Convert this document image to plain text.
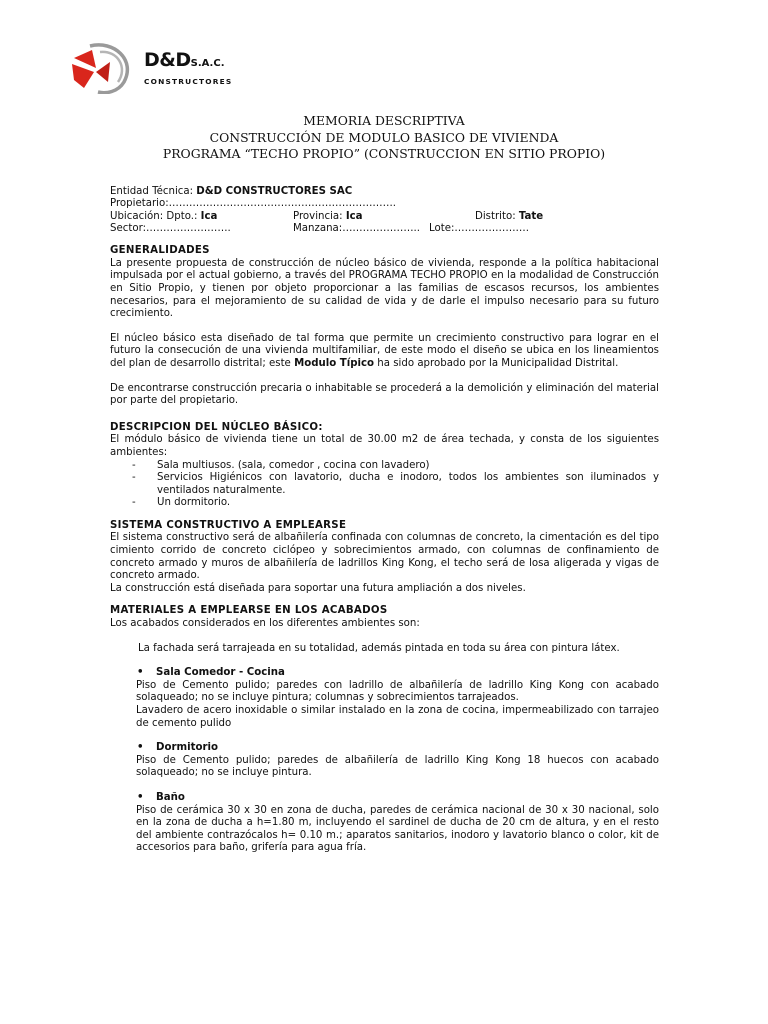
D&DS.A.C.
CONSTRUCTORES
MEMORIA DESCRIPTIVA
CONSTRUCCIÓN DE MODULO BASICO DE VIVIENDA
PROGRAMA “TECHO PROPIO” (CONSTRUCCION EN SITIO PROPIO)
Entidad Técnica: D&D CONSTRUCTORES SAC
Propietario:………………………………………………………….
Ubicación: Dpto.: Ica	Provincia: Ica	Distrito: Tate
Sector:…………………….	Manzana:………………….. Lote:………………….
GENERALIDADES

La presente propuesta de construcción de núcleo básico de vivienda, responde a la política habitacional impulsada por el actual gobierno, a través del PROGRAMA TECHO PROPIO en la modalidad de Construcción en Sitio Propio, y tienen por objeto proporcionar a las familias de escasos recursos, los ambientes necesarios, para el mejoramiento de su calidad de vida y de darle el impulso necesario para su futuro crecimiento.

El núcleo básico esta diseñado de tal forma que permite un crecimiento constructivo para lograr en el futuro la consecución de una vivienda multifamiliar, de este modo el diseño se ubica en los lineamientos del plan de desarrollo distrital; este Modulo Típico ha sido aprobado por la Municipalidad Distrital.

De encontrarse construcción precaria o inhabitable se procederá a la demolición y eliminación del material por parte del propietario.

DESCRIPCION DEL NÚCLEO BÁSICO:

El módulo básico de vivienda tiene un total de 30.00 m2 de área techada, y consta de los siguientes ambientes:

- Sala multiusos. (sala, comedor , cocina con lavadero)
- Servicios Higiénicos con lavatorio, ducha e inodoro, todos los ambientes son iluminados y ventilados naturalmente.
- Un dormitorio.
SISTEMA CONSTRUCTIVO A EMPLEARSE

El sistema constructivo será de albañilería confinada con columnas de concreto, la cimentación es del tipo cimiento corrido de concreto ciclópeo y sobrecimientos armado, con columnas de confinamiento de concreto armado y muros de albañilería de ladrillos King Kong, el techo será de losa aligerada y vigas de concreto armado.

La construcción está diseñada para soportar una futura ampliación a dos niveles.

MATERIALES A EMPLEARSE EN LOS ACABADOS

Los acabados considerados en los diferentes ambientes son:

La fachada será tarrajeada en su totalidad, además pintada en toda su área con pintura látex.

• Sala Comedor - Cocina

Piso de Cemento pulido; paredes con ladrillo de albañilería de ladrillo King Kong con acabado solaqueado; no se incluye pintura; columnas y sobrecimientos tarrajeados.

Lavadero de acero inoxidable o similar instalado en la zona de cocina, impermeabilizado con tarrajeo de cemento pulido

• Dormitorio

Piso de Cemento pulido; paredes de albañilería de ladrillo King Kong 18 huecos con acabado solaqueado; no se incluye pintura.

• Baño

Piso de cerámica 30 x 30 en zona de ducha, paredes de cerámica nacional de 30 x 30 nacional, solo en la zona de ducha a h=1.80 m, incluyendo el sardinel de ducha de 20 cm de altura, y en el resto del ambiente contrazócalos h= 0.10 m.; aparatos sanitarios, inodoro y lavatorio blanco o color, kit de accesorios para baño, grifería para agua fría.
